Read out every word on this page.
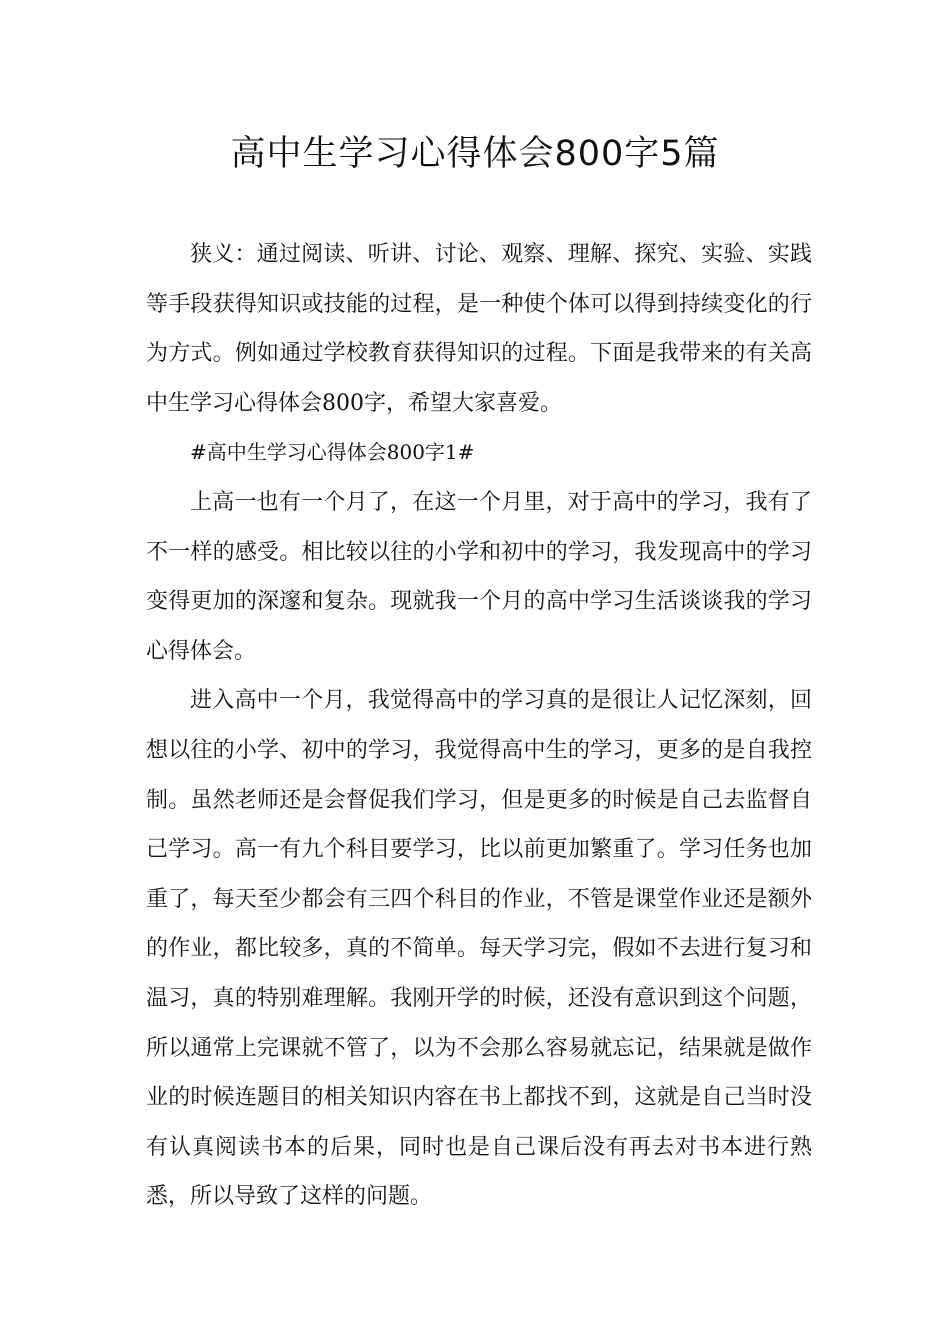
高中生学习心得体会800字5篇

狭义：通过阅读、听讲、讨论、观察、理解、探究、实验、实践等手段获得知识或技能的过程，是一种使个体可以得到持续变化的行为方式。例如通过学校教育获得知识的过程。下面是我带来的有关高中生学习心得体会800字，希望大家喜爱。

#高中生学习心得体会800字1#

上高一也有一个月了，在这一个月里，对于高中的学习，我有了不一样的感受。相比较以往的小学和初中的学习，我发现高中的学习变得更加的深邃和复杂。现就我一个月的高中学习生活谈谈我的学习心得体会。

进入高中一个月，我觉得高中的学习真的是很让人记忆深刻，回想以往的小学、初中的学习，我觉得高中生的学习，更多的是自我控制。虽然老师还是会督促我们学习，但是更多的时候是自己去监督自己学习。高一有九个科目要学习，比以前更加繁重了。学习任务也加重了，每天至少都会有三四个科目的作业，不管是课堂作业还是额外的作业，都比较多，真的不简单。每天学习完，假如不去进行复习和温习，真的特别难理解。我刚开学的时候，还没有意识到这个问题，所以通常上完课就不管了，以为不会那么容易就忘记，结果就是做作业的时候连题目的相关知识内容在书上都找不到，这就是自己当时没有认真阅读书本的后果，同时也是自己课后没有再去对书本进行熟悉，所以导致了这样的问题。
